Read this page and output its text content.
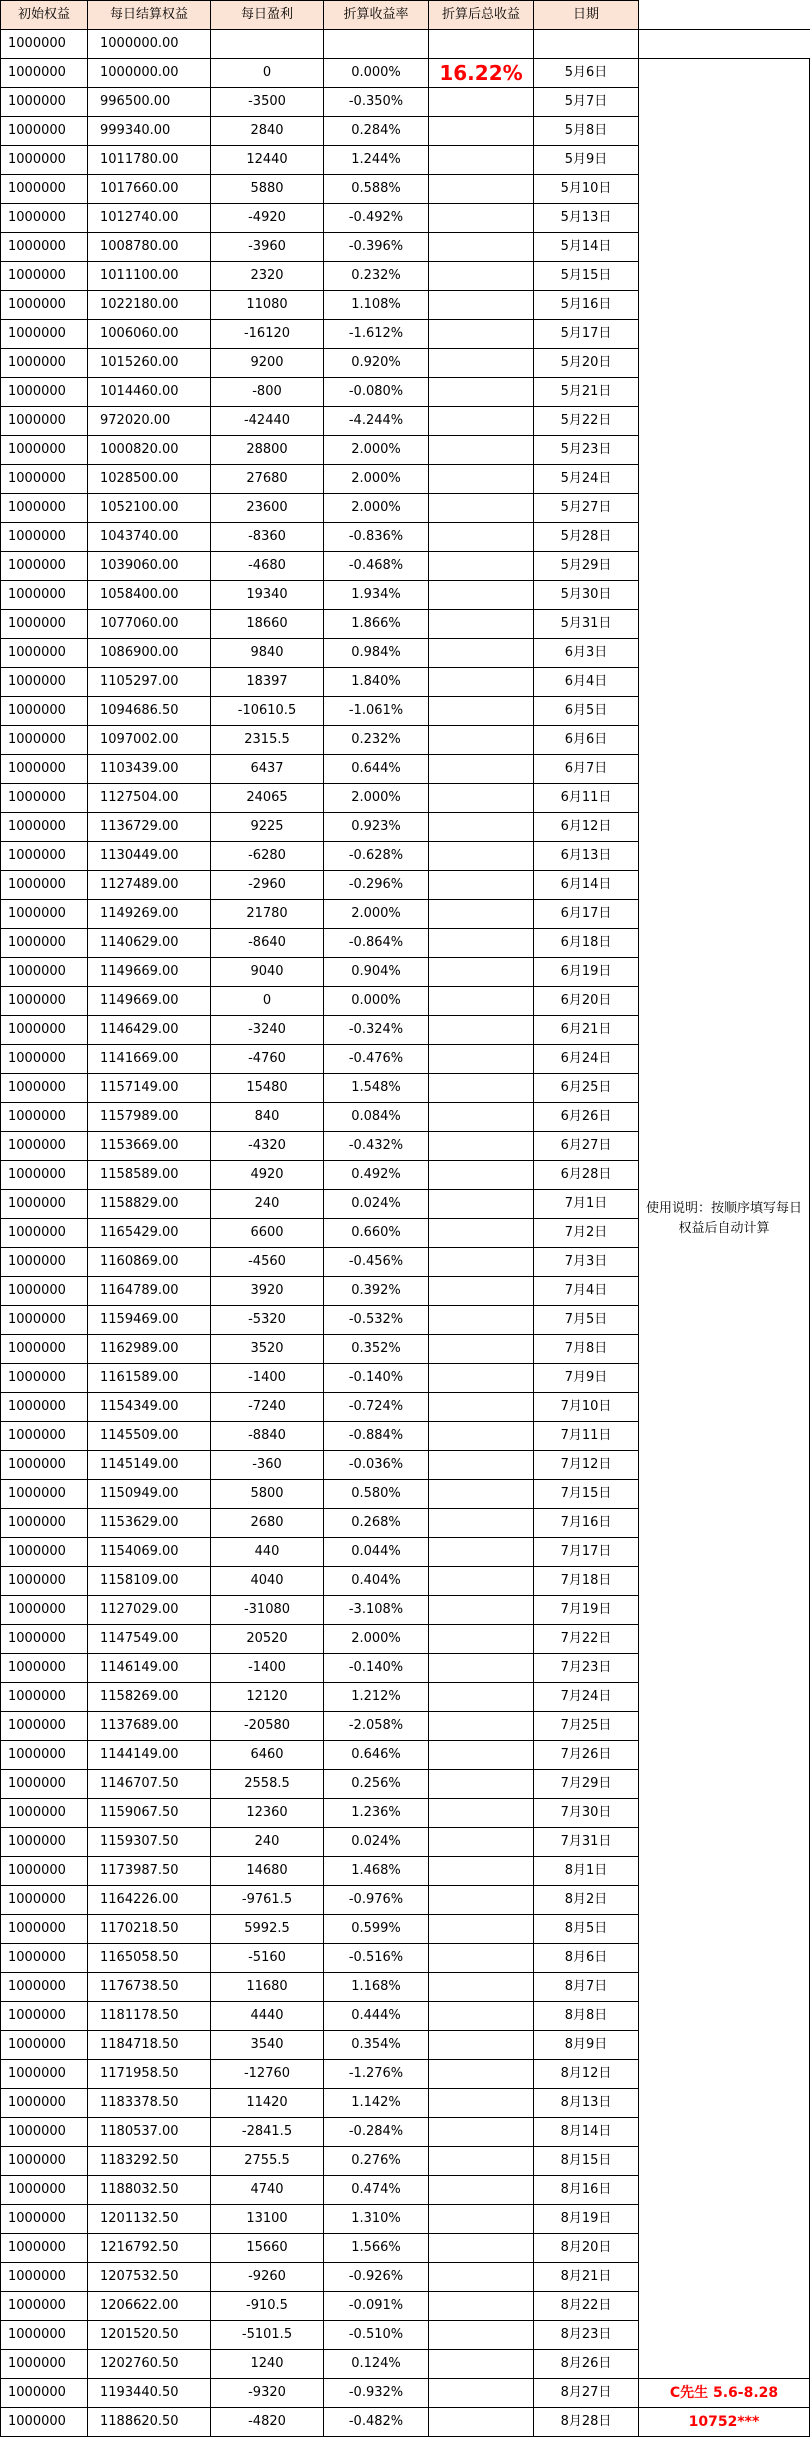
初始权益	每日结算权益	每日盈利	折算收益率	折算后总收益	日期	
1000000	1000000.00					
1000000	1000000.00	0	0.000%	16.22%	5月6日	使用说明：按顺序填写每日权益后自动计算
1000000	996500.00	-3500	-0.350%		5月7日	
1000000	999340.00	2840	0.284%		5月8日	
1000000	1011780.00	12440	1.244%		5月9日	
1000000	1017660.00	5880	0.588%		5月10日	
1000000	1012740.00	-4920	-0.492%		5月13日	
1000000	1008780.00	-3960	-0.396%		5月14日	
1000000	1011100.00	2320	0.232%		5月15日	
1000000	1022180.00	11080	1.108%		5月16日	
1000000	1006060.00	-16120	-1.612%		5月17日	
1000000	1015260.00	9200	0.920%		5月20日	
1000000	1014460.00	-800	-0.080%		5月21日	
1000000	972020.00	-42440	-4.244%		5月22日	
1000000	1000820.00	28800	2.000%		5月23日	
1000000	1028500.00	27680	2.000%		5月24日	
1000000	1052100.00	23600	2.000%		5月27日	
1000000	1043740.00	-8360	-0.836%		5月28日	
1000000	1039060.00	-4680	-0.468%		5月29日	
1000000	1058400.00	19340	1.934%		5月30日	
1000000	1077060.00	18660	1.866%		5月31日	
1000000	1086900.00	9840	0.984%		6月3日	
1000000	1105297.00	18397	1.840%		6月4日	
1000000	1094686.50	-10610.5	-1.061%		6月5日	
1000000	1097002.00	2315.5	0.232%		6月6日	
1000000	1103439.00	6437	0.644%		6月7日	
1000000	1127504.00	24065	2.000%		6月11日	
1000000	1136729.00	9225	0.923%		6月12日	
1000000	1130449.00	-6280	-0.628%		6月13日	
1000000	1127489.00	-2960	-0.296%		6月14日	
1000000	1149269.00	21780	2.000%		6月17日	
1000000	1140629.00	-8640	-0.864%		6月18日	
1000000	1149669.00	9040	0.904%		6月19日	
1000000	1149669.00	0	0.000%		6月20日	
1000000	1146429.00	-3240	-0.324%		6月21日	
1000000	1141669.00	-4760	-0.476%		6月24日	
1000000	1157149.00	15480	1.548%		6月25日	
1000000	1157989.00	840	0.084%		6月26日	
1000000	1153669.00	-4320	-0.432%		6月27日	
1000000	1158589.00	4920	0.492%		6月28日	
1000000	1158829.00	240	0.024%		7月1日	
1000000	1165429.00	6600	0.660%		7月2日	
1000000	1160869.00	-4560	-0.456%		7月3日	
1000000	1164789.00	3920	0.392%		7月4日	
1000000	1159469.00	-5320	-0.532%		7月5日	
1000000	1162989.00	3520	0.352%		7月8日	
1000000	1161589.00	-1400	-0.140%		7月9日	
1000000	1154349.00	-7240	-0.724%		7月10日	
1000000	1145509.00	-8840	-0.884%		7月11日	
1000000	1145149.00	-360	-0.036%		7月12日	
1000000	1150949.00	5800	0.580%		7月15日	
1000000	1153629.00	2680	0.268%		7月16日	
1000000	1154069.00	440	0.044%		7月17日	
1000000	1158109.00	4040	0.404%		7月18日	
1000000	1127029.00	-31080	-3.108%		7月19日	
1000000	1147549.00	20520	2.000%		7月22日	
1000000	1146149.00	-1400	-0.140%		7月23日	
1000000	1158269.00	12120	1.212%		7月24日	
1000000	1137689.00	-20580	-2.058%		7月25日	
1000000	1144149.00	6460	0.646%		7月26日	
1000000	1146707.50	2558.5	0.256%		7月29日	
1000000	1159067.50	12360	1.236%		7月30日	
1000000	1159307.50	240	0.024%		7月31日	
1000000	1173987.50	14680	1.468%		8月1日	
1000000	1164226.00	-9761.5	-0.976%		8月2日	
1000000	1170218.50	5992.5	0.599%		8月5日	
1000000	1165058.50	-5160	-0.516%		8月6日	
1000000	1176738.50	11680	1.168%		8月7日	
1000000	1181178.50	4440	0.444%		8月8日	
1000000	1184718.50	3540	0.354%		8月9日	
1000000	1171958.50	-12760	-1.276%		8月12日	
1000000	1183378.50	11420	1.142%		8月13日	
1000000	1180537.00	-2841.5	-0.284%		8月14日	
1000000	1183292.50	2755.5	0.276%		8月15日	
1000000	1188032.50	4740	0.474%		8月16日	
1000000	1201132.50	13100	1.310%		8月19日	
1000000	1216792.50	15660	1.566%		8月20日	
1000000	1207532.50	-9260	-0.926%		8月21日	
1000000	1206622.00	-910.5	-0.091%		8月22日	
1000000	1201520.50	-5101.5	-0.510%		8月23日	
1000000	1202760.50	1240	0.124%		8月26日	
1000000	1193440.50	-9320	-0.932%		8月27日	C先生 5.6-8.28
1000000	1188620.50	-4820	-0.482%		8月28日	10752***
